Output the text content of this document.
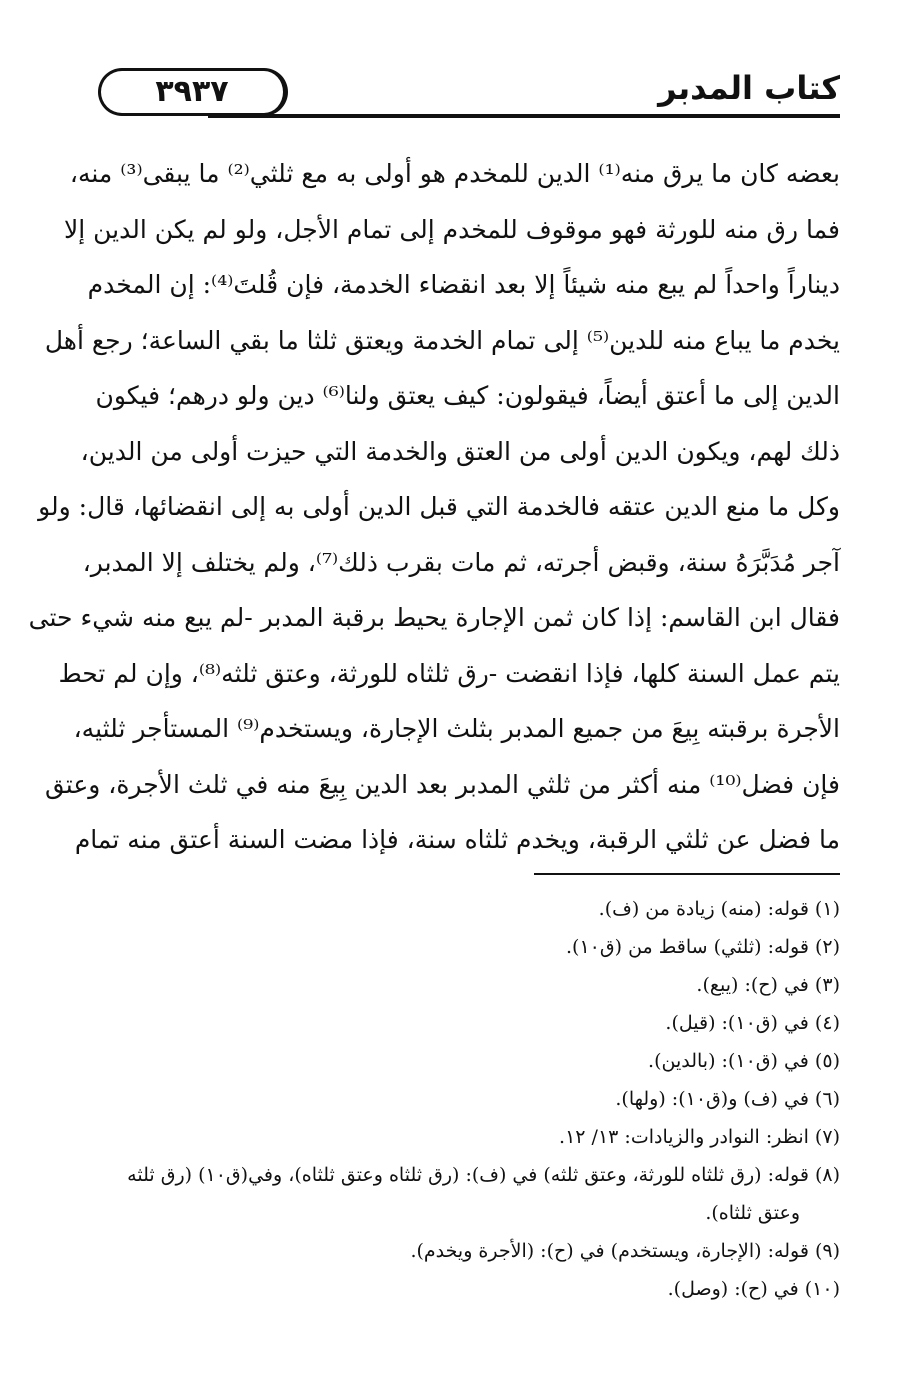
٣٩٣٧	كتاب المدبر
بعضه كان ما يرق منه⁽¹⁾ الدين للمخدم هو أولى به مع ثلثي⁽²⁾ ما يبقى⁽³⁾ منه،
فما رق منه للورثة فهو موقوف للمخدم إلى تمام الأجل، ولو لم يكن الدين إلا
ديناراً واحداً لم يبع منه شيئاً إلا بعد انقضاء الخدمة، فإن قُلتَ⁽⁴⁾: إن المخدم
يخدم ما يباع منه للدين⁽⁵⁾ إلى تمام الخدمة ويعتق ثلثا ما بقي الساعة؛ رجع أهل
الدين إلى ما أعتق أيضاً، فيقولون: كيف يعتق ولنا⁽⁶⁾ دين ولو درهم؛ فيكون
ذلك لهم، ويكون الدين أولى من العتق والخدمة التي حيزت أولى من الدين،
وكل ما منع الدين عتقه فالخدمة التي قبل الدين أولى به إلى انقضائها، قال: ولو
آجر مُدَبَّرَهُ سنة، وقبض أجرته، ثم مات بقرب ذلك⁽⁷⁾، ولم يختلف إلا المدبر،
فقال ابن القاسم: إذا كان ثمن الإجارة يحيط برقبة المدبر -لم يبع منه شيء حتى
يتم عمل السنة كلها، فإذا انقضت -رق ثلثاه للورثة، وعتق ثلثه⁽⁸⁾، وإن لم تحط
الأجرة برقبته بِيعَ من جميع المدبر بثلث الإجارة، ويستخدم⁽⁹⁾ المستأجر ثلثيه،
فإن فضل⁽¹⁰⁾ منه أكثر من ثلثي المدبر بعد الدين بِيعَ منه في ثلث الأجرة، وعتق
ما فضل عن ثلثي الرقبة، ويخدم ثلثاه سنة، فإذا مضت السنة أعتق منه تمام
(١) قوله: (منه) زيادة من (ف).
(٢) قوله: (ثلثي) ساقط من (ق١٠).
(٣) في (ح): (يبع).
(٤) في (ق١٠): (قيل).
(٥) في (ق١٠): (بالدين).
(٦) في (ف) و(ق١٠): (ولها).
(٧) انظر: النوادر والزيادات: ١٣/ ١٢.
(٨) قوله: (رق ثلثاه للورثة، وعتق ثلثه) في (ف): (رق ثلثاه وعتق ثلثاه)، وفي(ق١٠) (رق ثلثه
وعتق ثلثاه).
(٩) قوله: (الإجارة، ويستخدم) في (ح): (الأجرة ويخدم).
(١٠) في (ح): (وصل).
